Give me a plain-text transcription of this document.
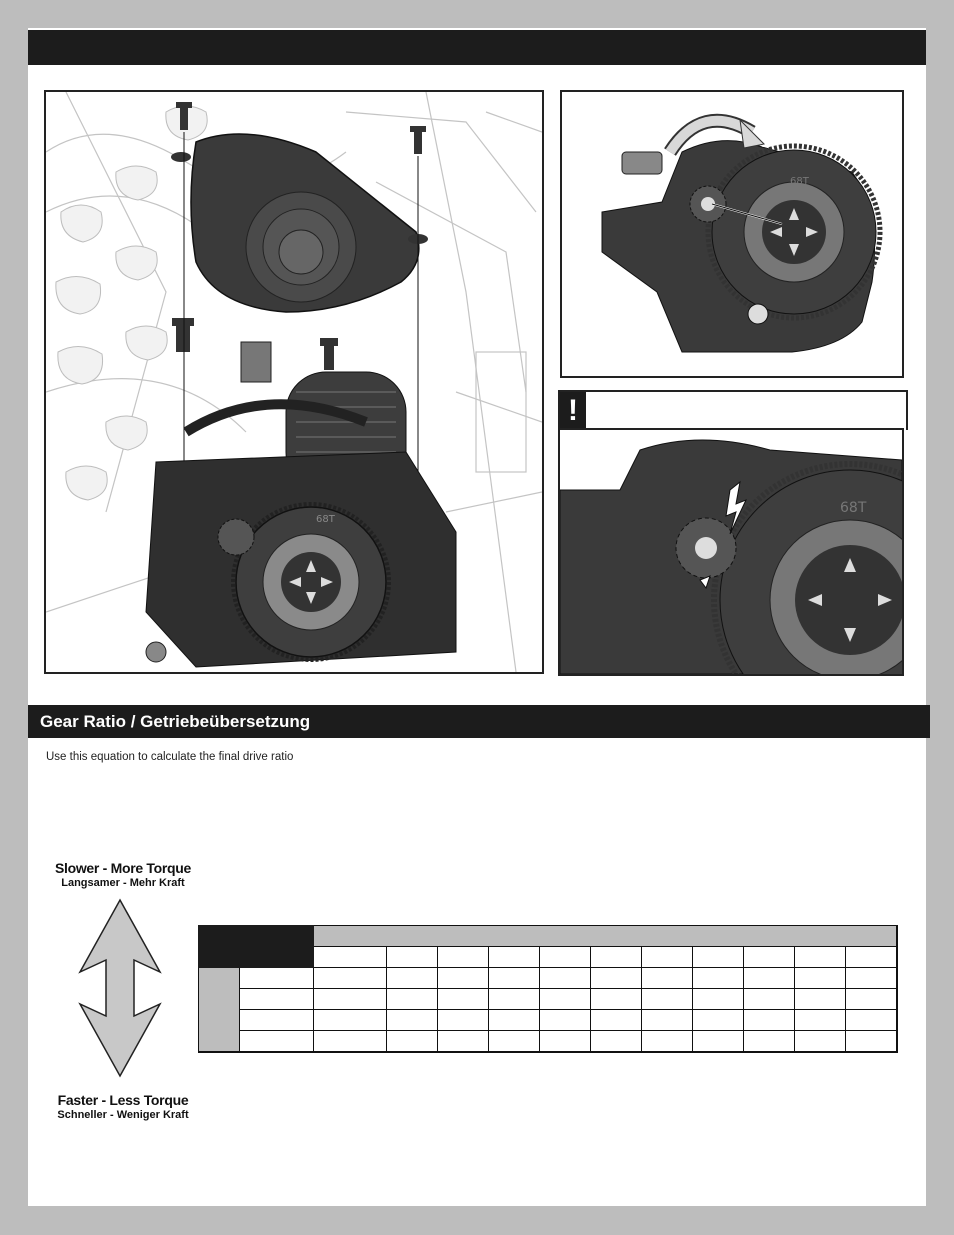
68T
68T
!
68T
Gear Ratio / Getriebeübersetzung
Use this equation to calculate the final drive ratio
Slower - More Torque
Langsamer - Mehr Kraft
Faster - Less Torque
Schneller - Weniger Kraft
